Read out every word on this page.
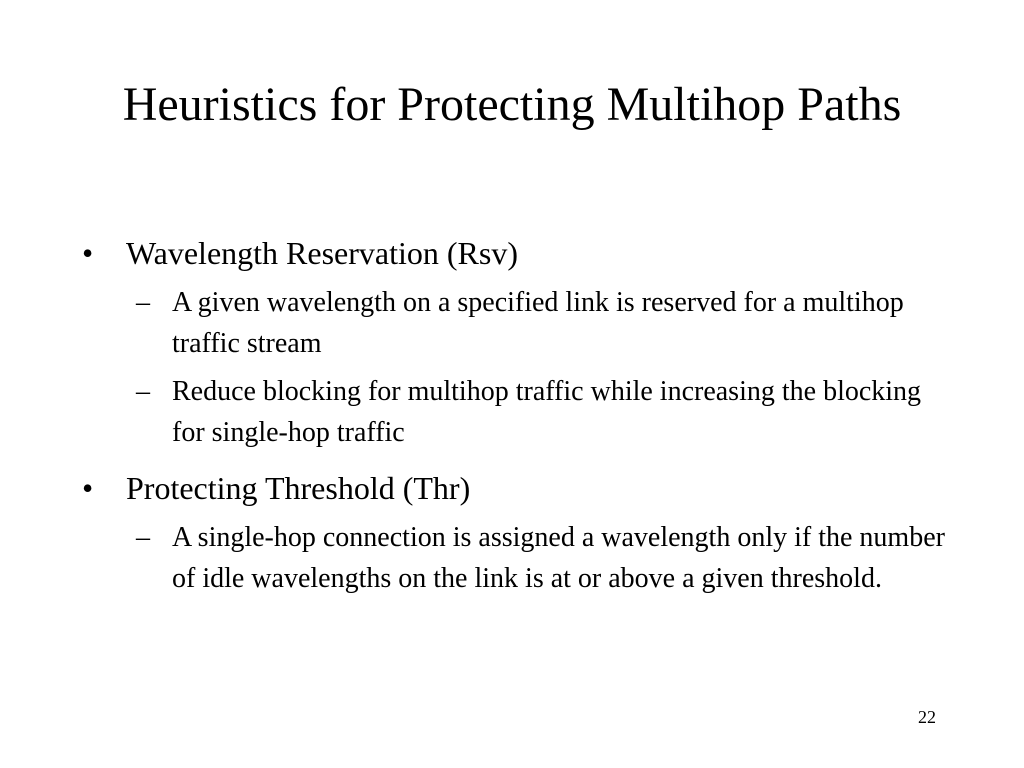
Heuristics for Protecting Multihop Paths
• Wavelength Reservation (Rsv)
– A given wavelength on a specified link is reserved for a multihop traffic stream
– Reduce blocking for multihop traffic while increasing the blocking for single-hop traffic
• Protecting Threshold (Thr)
– A single-hop connection is assigned a wavelength only if the number of idle wavelengths on the link is at or above a given threshold.
22
